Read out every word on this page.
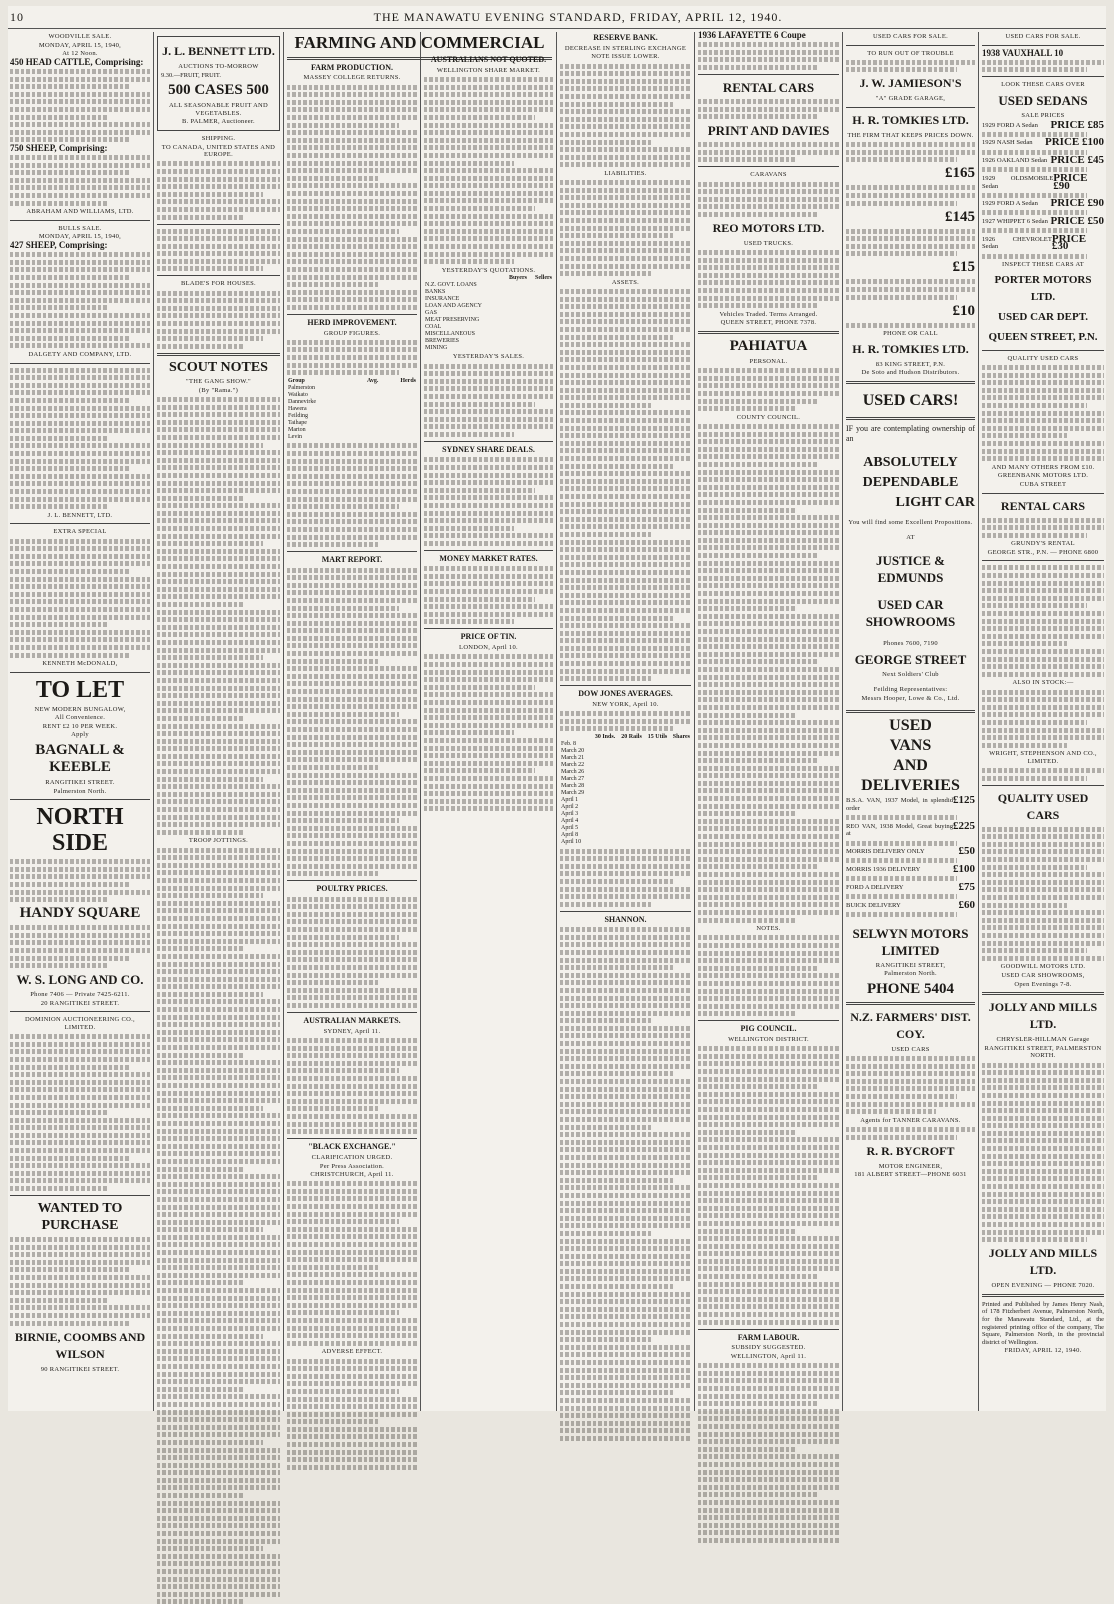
10	THE MANAWATU EVENING STANDARD, FRIDAY, APRIL 12, 1940.
WOODVILLE SALE.
MONDAY, APRIL 15, 1940,
At 12 Noon.
450 HEAD CATTLE, Comprising:
750 SHEEP, Comprising:
ABRAHAM AND WILLIAMS, LTD.
BULLS SALE.
MONDAY, APRIL 15, 1940,
427 SHEEP, Comprising:
DALGETY AND COMPANY, LTD.
J. L. BENNETT, LTD.
EXTRA SPECIAL
KENNETH McDONALD,
TO LET
NEW MODERN BUNGALOW,
All Convenience.
RENT £2 10 PER WEEK.
Apply
BAGNALL & KEEBLE
RANGITIKEI STREET.
Palmerston North.
NORTH SIDE
HANDY SQUARE
W. S. LONG AND CO.
Phone 7406 — Private 7425-6211.
20 RANGITIKEI STREET.
DOMINION AUCTIONEERING CO., LIMITED.
WANTED TO PURCHASE
BIRNIE, COOMBS AND WILSON
90 RANGITIKEI STREET.
J. L. BENNETT LTD.
AUCTIONS TO-MORROW
9.30.—FRUIT, FRUIT.
500 CASES 500
ALL SEASONABLE FRUIT AND VEGETABLES.
B. PALMER, Auctioneer.
SHIPPING.
TO CANADA, UNITED STATES AND EUROPE.
BLADE'S FOR HOUSES.
SCOUT NOTES
"THE GANG SHOW."
(By "Rama.")
TROOP JOTTINGS.
FARMING AND COMMERCIAL
FARM PRODUCTION.
MASSEY COLLEGE RETURNS.
HERD IMPROVEMENT.
GROUP FIGURES.
Group	Avg.	Herds
Palmerston		
Waikato		
Dannevirke		
Hawera		
Feilding		
Taihape		
Marton		
Levin		
MART REPORT.
POULTRY PRICES.
AUSTRALIAN MARKETS.
SYDNEY, April 11.
"BLACK EXCHANGE."
CLARIFICATION URGED.
Per Press Association.
CHRISTCHURCH, April 11.
ADVERSE EFFECT.
AUSTRALIANS NOT QUOTED.
WELLINGTON SHARE MARKET.
YESTERDAY'S QUOTATIONS.
	Buyers	Sellers
N.Z. GOVT. LOANS		
BANKS		
INSURANCE		
LOAN AND AGENCY		
GAS		
MEAT PRESERVING		
COAL		
MISCELLANEOUS		
BREWERIES		
MINING		
YESTERDAY'S SALES.
SYDNEY SHARE DEALS.
MONEY MARKET RATES.
PRICE OF TIN.
LONDON, April 10.
RESERVE BANK.
DECREASE IN STERLING EXCHANGE
NOTE ISSUE LOWER.
LIABILITIES.
ASSETS.
DOW JONES AVERAGES.
NEW YORK, April 10.
	30 Inds.	20 Rails	15 Utils	Shares
Feb. 8				
March 20				
March 21				
March 22				
March 26				
March 27				
March 28				
March 29				
April 1				
April 2				
April 3				
April 4				
April 5				
April 8				
April 10				
SHANNON.
1936 LAFAYETTE 6 Coupe
RENTAL CARS
PRINT AND DAVIES
CARAVANS
REO MOTORS LTD.
USED TRUCKS.
Vehicles Traded. Terms Arranged.
QUEEN STREET, PHONE 7378.
PAHIATUA
PERSONAL.
COUNTY COUNCIL.
NOTES.
PIG COUNCIL.
WELLINGTON DISTRICT.
FARM LABOUR.
SUBSIDY SUGGESTED.
WELLINGTON, April 11.
USED CARS FOR SALE.
TO RUN OUT OF TROUBLE
J. W. JAMIESON'S
"A" GRADE GARAGE,
H. R. TOMKIES LTD.
THE FIRM THAT KEEPS PRICES DOWN.
£165
£145
£15
£10
PHONE OR CALL
H. R. TOMKIES LTD.
83 KING STREET, P.N.
De Soto and Hudson Distributors.
USED CARS!
IF you are contemplating ownership of an
ABSOLUTELY
DEPENDABLE
LIGHT CAR
You will find some Excellent Propositions.
AT
JUSTICE & EDMUNDS
USED CAR SHOWROOMS
Phones 7600, 7190
GEORGE STREET
Next Soldiers' Club
Feilding Representatives:
Messrs Hooper, Lowe & Co., Ltd.
USED
VANS
AND
DELIVERIES
B.S.A. VAN, 1937 Model, in splendid order
£125
REO VAN, 1938 Model, Great buying at
£225
MORRIS DELIVERY ONLY	£50
MORRIS 1936 DELIVERY	£100
FORD A DELIVERY	£75
BUICK DELIVERY	£60
SELWYN MOTORS LIMITED
RANGITIKEI STREET,
Palmerston North.
PHONE 5404
N.Z. FARMERS' DIST. COY.
USED CARS
Agents for TANNER CARAVANS.
R. R. BYCROFT
MOTOR ENGINEER,
181 ALBERT STREET—PHONE 6031
USED CARS FOR SALE.
1938 VAUXHALL 10
LOOK THESE CARS OVER
USED SEDANS
SALE PRICES
1929 FORD A Sedan PRICE £85
1929 NASH Sedan PRICE £100
1926 OAKLAND Sedan PRICE £45
1929 OLDSMOBILE Sedan
PRICE £90
1929 FORD A Sedan PRICE £90
1927 WHIPPET 6 Sedan PRICE £50
1926 CHEVROLET Sedan
PRICE £30
INSPECT THESE CARS AT
PORTER MOTORS LTD.
USED CAR DEPT.
QUEEN STREET, P.N.
QUALITY USED CARS
AND MANY OTHERS FROM £10.
GREENBANK MOTORS LTD.
CUBA STREET
RENTAL CARS
GRUNDY'S RENTAL
GEORGE STR., P.N. — PHONE 6800
ALSO IN STOCK:—
WRIGHT, STEPHENSON AND CO., LIMITED.
QUALITY USED CARS
GOODWILL MOTORS LTD.
USED CAR SHOWROOMS,
Open Evenings 7-8.
JOLLY AND MILLS LTD.
CHRYSLER-HILLMAN Garage
RANGITIKEI STREET, PALMERSTON NORTH.
JOLLY AND MILLS LTD.
OPEN EVENING — PHONE 7020.
Printed and Published by James Henry Nash, of 178 Fitzherbert Avenue, Palmerston North, for the Manawatu Standard, Ltd., at the registered printing office of the company, The Square, Palmerston North, in the provincial district of Wellington.
FRIDAY, APRIL 12, 1940.
